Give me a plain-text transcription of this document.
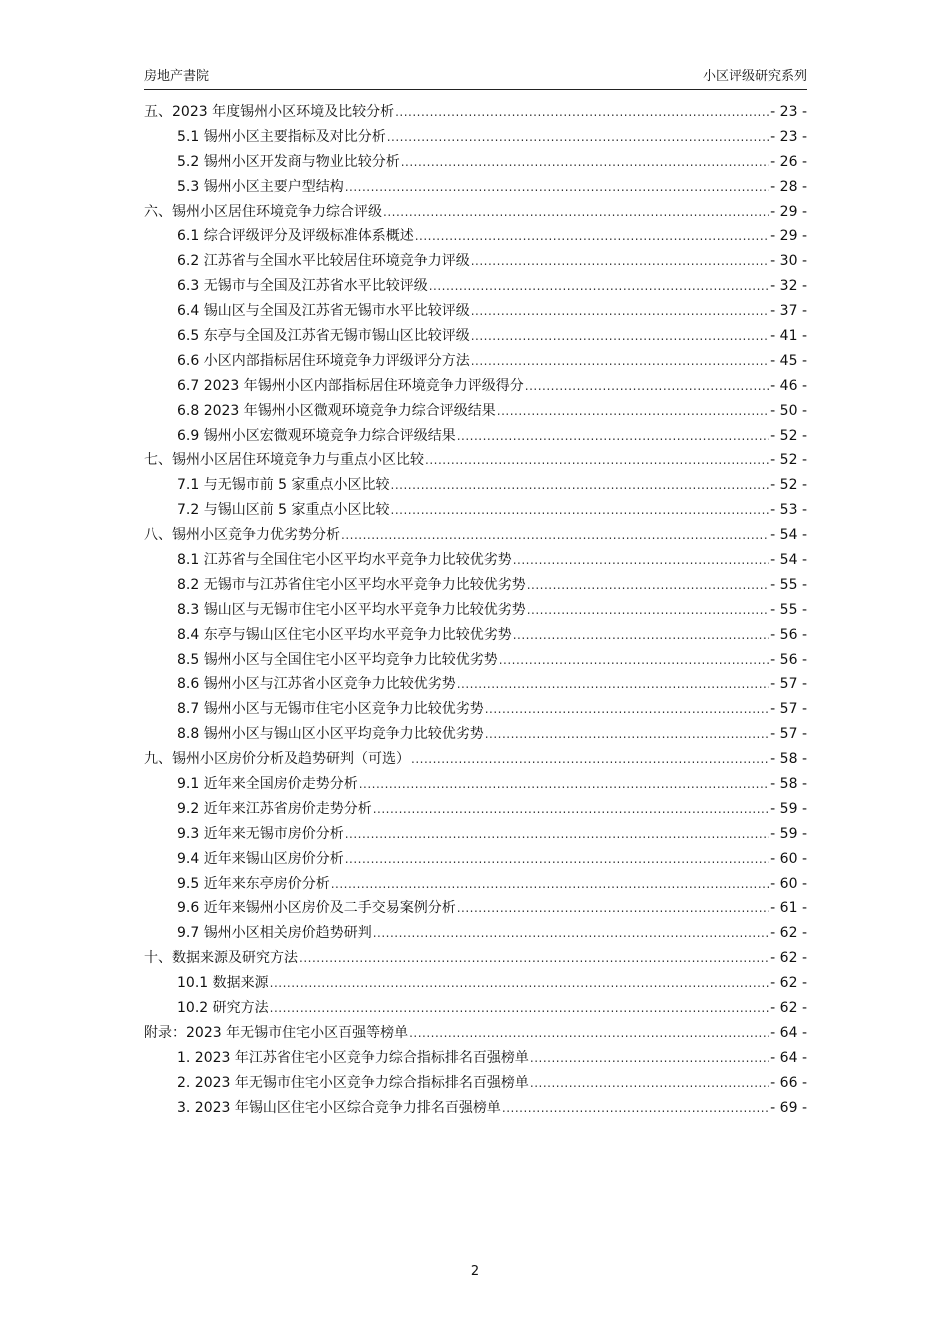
房地产書院	小区评级研究系列
五、2023 年度锡州小区环境及比较分析 .....	- 23 -
5.1 锡州小区主要指标及对比分析 .....	- 23 -
5.2 锡州小区开发商与物业比较分析 .....	- 26 -
5.3 锡州小区主要户型结构 .....	- 28 -
六、锡州小区居住环境竞争力综合评级 .....	- 29 -
6.1 综合评级评分及评级标准体系概述 .....	- 29 -
6.2 江苏省与全国水平比较居住环境竞争力评级 .....	- 30 -
6.3 无锡市与全国及江苏省水平比较评级 .....	- 32 -
6.4 锡山区与全国及江苏省无锡市水平比较评级 .....	- 37 -
6.5 东亭与全国及江苏省无锡市锡山区比较评级 .....	- 41 -
6.6 小区内部指标居住环境竞争力评级评分方法 .....	- 45 -
6.7 2023 年锡州小区内部指标居住环境竞争力评级得分 .....	- 46 -
6.8 2023 年锡州小区微观环境竞争力综合评级结果 .....	- 50 -
6.9 锡州小区宏微观环境竞争力综合评级结果 .....	- 52 -
七、锡州小区居住环境竞争力与重点小区比较 .....	- 52 -
7.1 与无锡市前 5 家重点小区比较 .....	- 52 -
7.2 与锡山区前 5 家重点小区比较 .....	- 53 -
八、锡州小区竞争力优劣势分析 .....	- 54 -
8.1 江苏省与全国住宅小区平均水平竞争力比较优劣势 .....	- 54 -
8.2 无锡市与江苏省住宅小区平均水平竞争力比较优劣势 .....	- 55 -
8.3 锡山区与无锡市住宅小区平均水平竞争力比较优劣势 .....	- 55 -
8.4 东亭与锡山区住宅小区平均水平竞争力比较优劣势 .....	- 56 -
8.5 锡州小区与全国住宅小区平均竞争力比较优劣势 .....	- 56 -
8.6 锡州小区与江苏省小区竞争力比较优劣势 .....	- 57 -
8.7 锡州小区与无锡市住宅小区竞争力比较优劣势 .....	- 57 -
8.8 锡州小区与锡山区小区平均竞争力比较优劣势 .....	- 57 -
九、锡州小区房价分析及趋势研判（可选） .....	- 58 -
9.1 近年来全国房价走势分析 .....	- 58 -
9.2 近年来江苏省房价走势分析 .....	- 59 -
9.3 近年来无锡市房价分析 .....	- 59 -
9.4 近年来锡山区房价分析 .....	- 60 -
9.5 近年来东亭房价分析 .....	- 60 -
9.6 近年来锡州小区房价及二手交易案例分析 .....	- 61 -
9.7 锡州小区相关房价趋势研判 .....	- 62 -
十、数据来源及研究方法 .....	- 62 -
10.1 数据来源 .....	- 62 -
10.2 研究方法 .....	- 62 -
附录：2023 年无锡市住宅小区百强等榜单 .....	- 64 -
1. 2023 年江苏省住宅小区竞争力综合指标排名百强榜单 .....	- 64 -
2. 2023 年无锡市住宅小区竞争力综合指标排名百强榜单 .....	- 66 -
3. 2023 年锡山区住宅小区综合竞争力排名百强榜单 .....	- 69 -
2
